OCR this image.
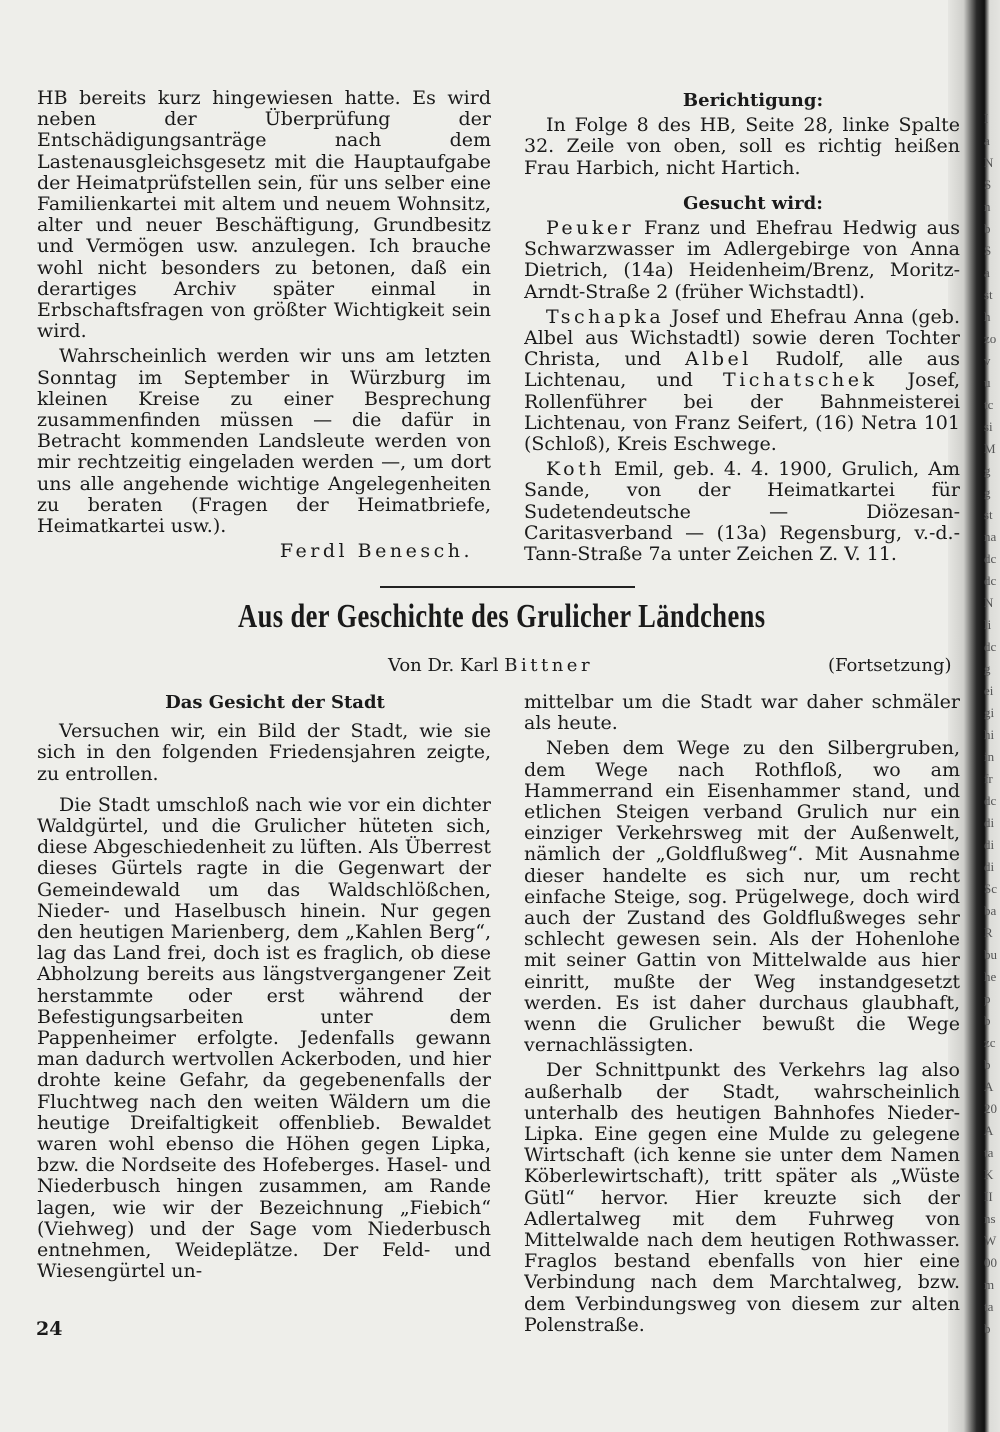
HB bereits kurz hingewiesen hatte. Es wird neben der Überprüfung der Entschädigungsanträge nach dem Lastenausgleichsgesetz mit die Hauptaufgabe der Heimatprüfstellen sein, für uns selber eine Familienkartei mit altem und neuem Wohnsitz, alter und neuer Beschäftigung, Grundbesitz und Vermögen usw. anzulegen. Ich brauche wohl nicht besonders zu betonen, daß ein derartiges Archiv später einmal in Erbschaftsfragen von größter Wichtigkeit sein wird.

Wahrscheinlich werden wir uns am letzten Sonntag im September in Würzburg im kleinen Kreise zu einer Besprechung zusammenfinden müssen — die dafür in Betracht kommenden Landsleute werden von mir rechtzeitig eingeladen werden —, um dort uns alle angehende wichtige Angelegenheiten zu beraten (Fragen der Heimatbriefe, Heimatkartei usw.).

Ferdl Benesch.

Berichtigung:

In Folge 8 des HB, Seite 28, linke Spalte 32. Zeile von oben, soll es richtig heißen Frau Harbich, nicht Hartich.

Gesucht wird:

Peuker Franz und Ehefrau Hedwig aus Schwarzwasser im Adlergebirge von Anna Dietrich, (14a) Heidenheim/Brenz, Moritz-Arndt-Straße 2 (früher Wichstadtl).

Tschapka Josef und Ehefrau Anna (geb. Albel aus Wichstadtl) sowie deren Tochter Christa, und Albel Rudolf, alle aus Lichtenau, und Tichatschek Josef, Rollenführer bei der Bahnmeisterei Lichtenau, von Franz Seifert, (16) Netra 101 (Schloß), Kreis Eschwege.

Koth Emil, geb. 4. 4. 1900, Grulich, Am Sande, von der Heimatkartei für Sudetendeutsche — Diözesan-Caritasverband — (13a) Regensburg, v.-d.-Tann-Straße 7a unter Zeichen Z. V. 11.

Aus der Geschichte des Grulicher Ländchens
Von Dr. Karl Bittner	(Fortsetzung)

Das Gesicht der Stadt

Versuchen wir, ein Bild der Stadt, wie sie sich in den folgenden Friedensjahren zeigte, zu entrollen.

Die Stadt umschloß nach wie vor ein dichter Waldgürtel, und die Grulicher hüteten sich, diese Abgeschiedenheit zu lüften. Als Überrest dieses Gürtels ragte in die Gegenwart der Gemeindewald um das Waldschlößchen, Nieder- und Haselbusch hinein. Nur gegen den heutigen Marienberg, dem „Kahlen Berg“, lag das Land frei, doch ist es fraglich, ob diese Abholzung bereits aus längstvergangener Zeit herstammte oder erst während der Befestigungsarbeiten unter dem Pappenheimer erfolgte. Jedenfalls gewann man dadurch wertvollen Ackerboden, und hier drohte keine Gefahr, da gegebenenfalls der Fluchtweg nach den weiten Wäldern um die heutige Dreifaltigkeit offenblieb. Bewaldet waren wohl ebenso die Höhen gegen Lipka, bzw. die Nordseite des Hofeberges. Hasel- und Niederbusch hingen zusammen, am Rande lagen, wie wir der Bezeichnung „Fiebich“ (Viehweg) und der Sage vom Niederbusch entnehmen, Weideplätze. Der Feld- und Wiesengürtel un-

mittelbar um die Stadt war daher schmäler als heute.

Neben dem Wege zu den Silbergruben, dem Wege nach Rothfloß, wo am Hammerrand ein Eisenhammer stand, und etlichen Steigen verband Grulich nur ein einziger Verkehrsweg mit der Außenwelt, nämlich der „Goldflußweg“. Mit Ausnahme dieser handelte es sich nur, um recht einfache Steige, sog. Prügelwege, doch wird auch der Zustand des Goldflußweges sehr schlecht gewesen sein. Als der Hohenlohe mit seiner Gattin von Mittelwalde aus hier einritt, mußte der Weg instandgesetzt werden. Es ist daher durchaus glaubhaft, wenn die Grulicher bewußt die Wege vernachlässigten.

Der Schnittpunkt des Verkehrs lag also außerhalb der Stadt, wahrscheinlich unterhalb des heutigen Bahnhofes Nieder-Lipka. Eine gegen eine Mulde zu gelegene Wirtschaft (ich kenne sie unter dem Namen Köberlewirtschaft), tritt später als „Wüste Gütl“ hervor. Hier kreuzte sich der Adlertalweg mit dem Fuhrweg von Mittelwalde nach dem heutigen Rothwasser. Fraglos bestand ebenfalls von hier eine Verbindung nach dem Marchtalweg, bzw. dem Verbindungsweg von diesem zur alten Polenstraße.

24
I
a
N
S
n
b
S
a
st
h
zo
v
u
tc
si
M
g
g
st
na
dc
dc
N
li
dc
g
ei
gi
hi
in
fr
dc
di
di
di
Sc
ba
R
bu
he
p
b
zc
b
A
20
A
ta
K
II
ns
W
00
m
ta
b
